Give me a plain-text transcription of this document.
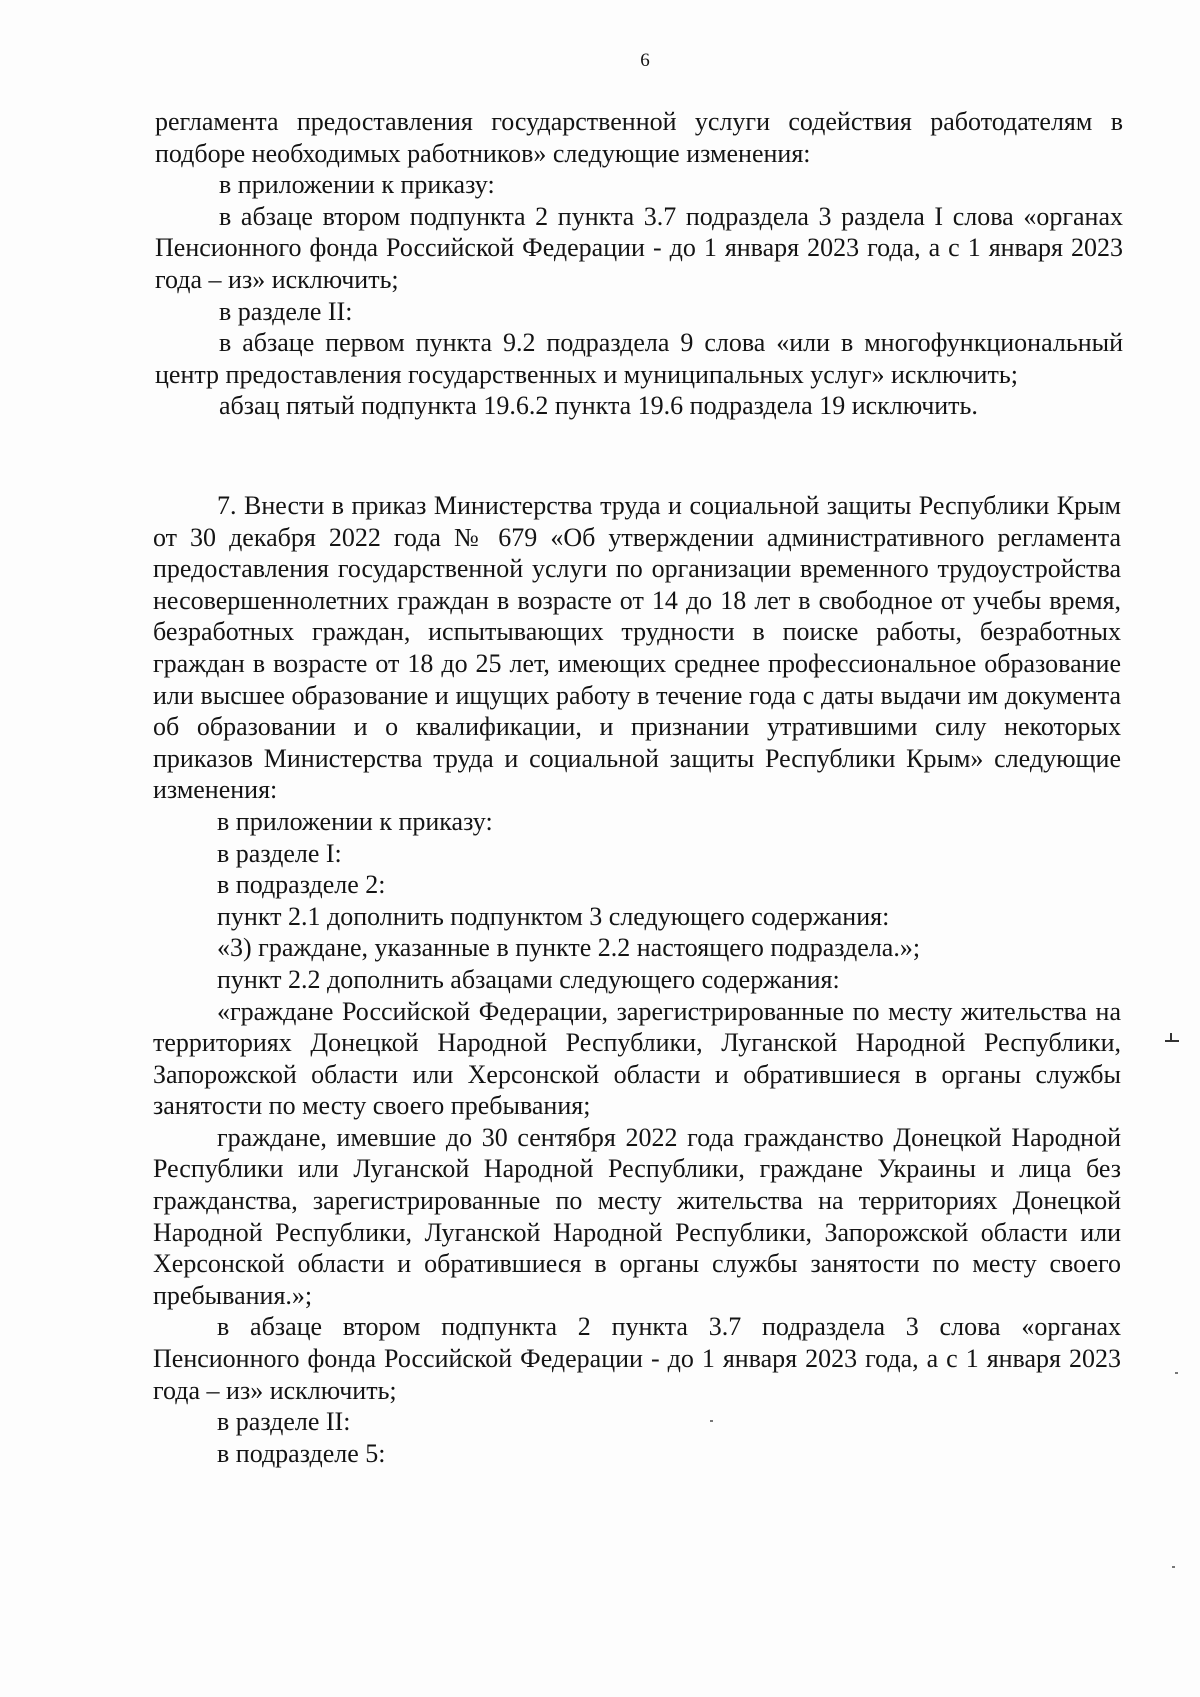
6

регламента предоставления государственной услуги содействия работодателям в подборе необходимых работников» следующие изменения:

в приложении к приказу:

в абзаце втором подпункта 2 пункта 3.7 подраздела 3 раздела I слова «органах Пенсионного фонда Российской Федерации - до 1 января 2023 года, а с 1 января 2023 года – из» исключить;

в разделе II:

в абзаце первом пункта 9.2 подраздела 9 слова «или в многофункциональный центр предоставления государственных и муниципальных услуг» исключить;

абзац пятый подпункта 19.6.2 пункта 19.6 подраздела 19 исключить.

7. Внести в приказ Министерства труда и социальной защиты Республики Крым от 30 декабря 2022 года № 679 «Об утверждении административного регламента предоставления государственной услуги по организации временного трудоустройства несовершеннолетних граждан в возрасте от 14 до 18 лет в свободное от учебы время, безработных граждан, испытывающих трудности в поиске работы, безработных граждан в возрасте от 18 до 25 лет, имеющих среднее профессиональное образование или высшее образование и ищущих работу в течение года с даты выдачи им документа об образовании и о квалификации, и признании утратившими силу некоторых приказов Министерства труда и социальной защиты Республики Крым» следующие изменения:

в приложении к приказу:

в разделе I:

в подразделе 2:

пункт 2.1 дополнить подпунктом 3 следующего содержания:

«3) граждане, указанные в пункте 2.2 настоящего подраздела.»;

пункт 2.2 дополнить абзацами следующего содержания:

«граждане Российской Федерации, зарегистрированные по месту жительства на территориях Донецкой Народной Республики, Луганской Народной Республики, Запорожской области или Херсонской области и обратившиеся в органы службы занятости по месту своего пребывания;

граждане, имевшие до 30 сентября 2022 года гражданство Донецкой Народной Республики или Луганской Народной Республики, граждане Украины и лица без гражданства, зарегистрированные по месту жительства на территориях Донецкой Народной Республики, Луганской Народной Республики, Запорожской области или Херсонской области и обратившиеся в органы службы занятости по месту своего пребывания.»;

в абзаце втором подпункта 2 пункта 3.7 подраздела 3 слова «органах Пенсионного фонда Российской Федерации - до 1 января 2023 года, а с 1 января 2023 года – из» исключить;

в разделе II:

в подразделе 5:
